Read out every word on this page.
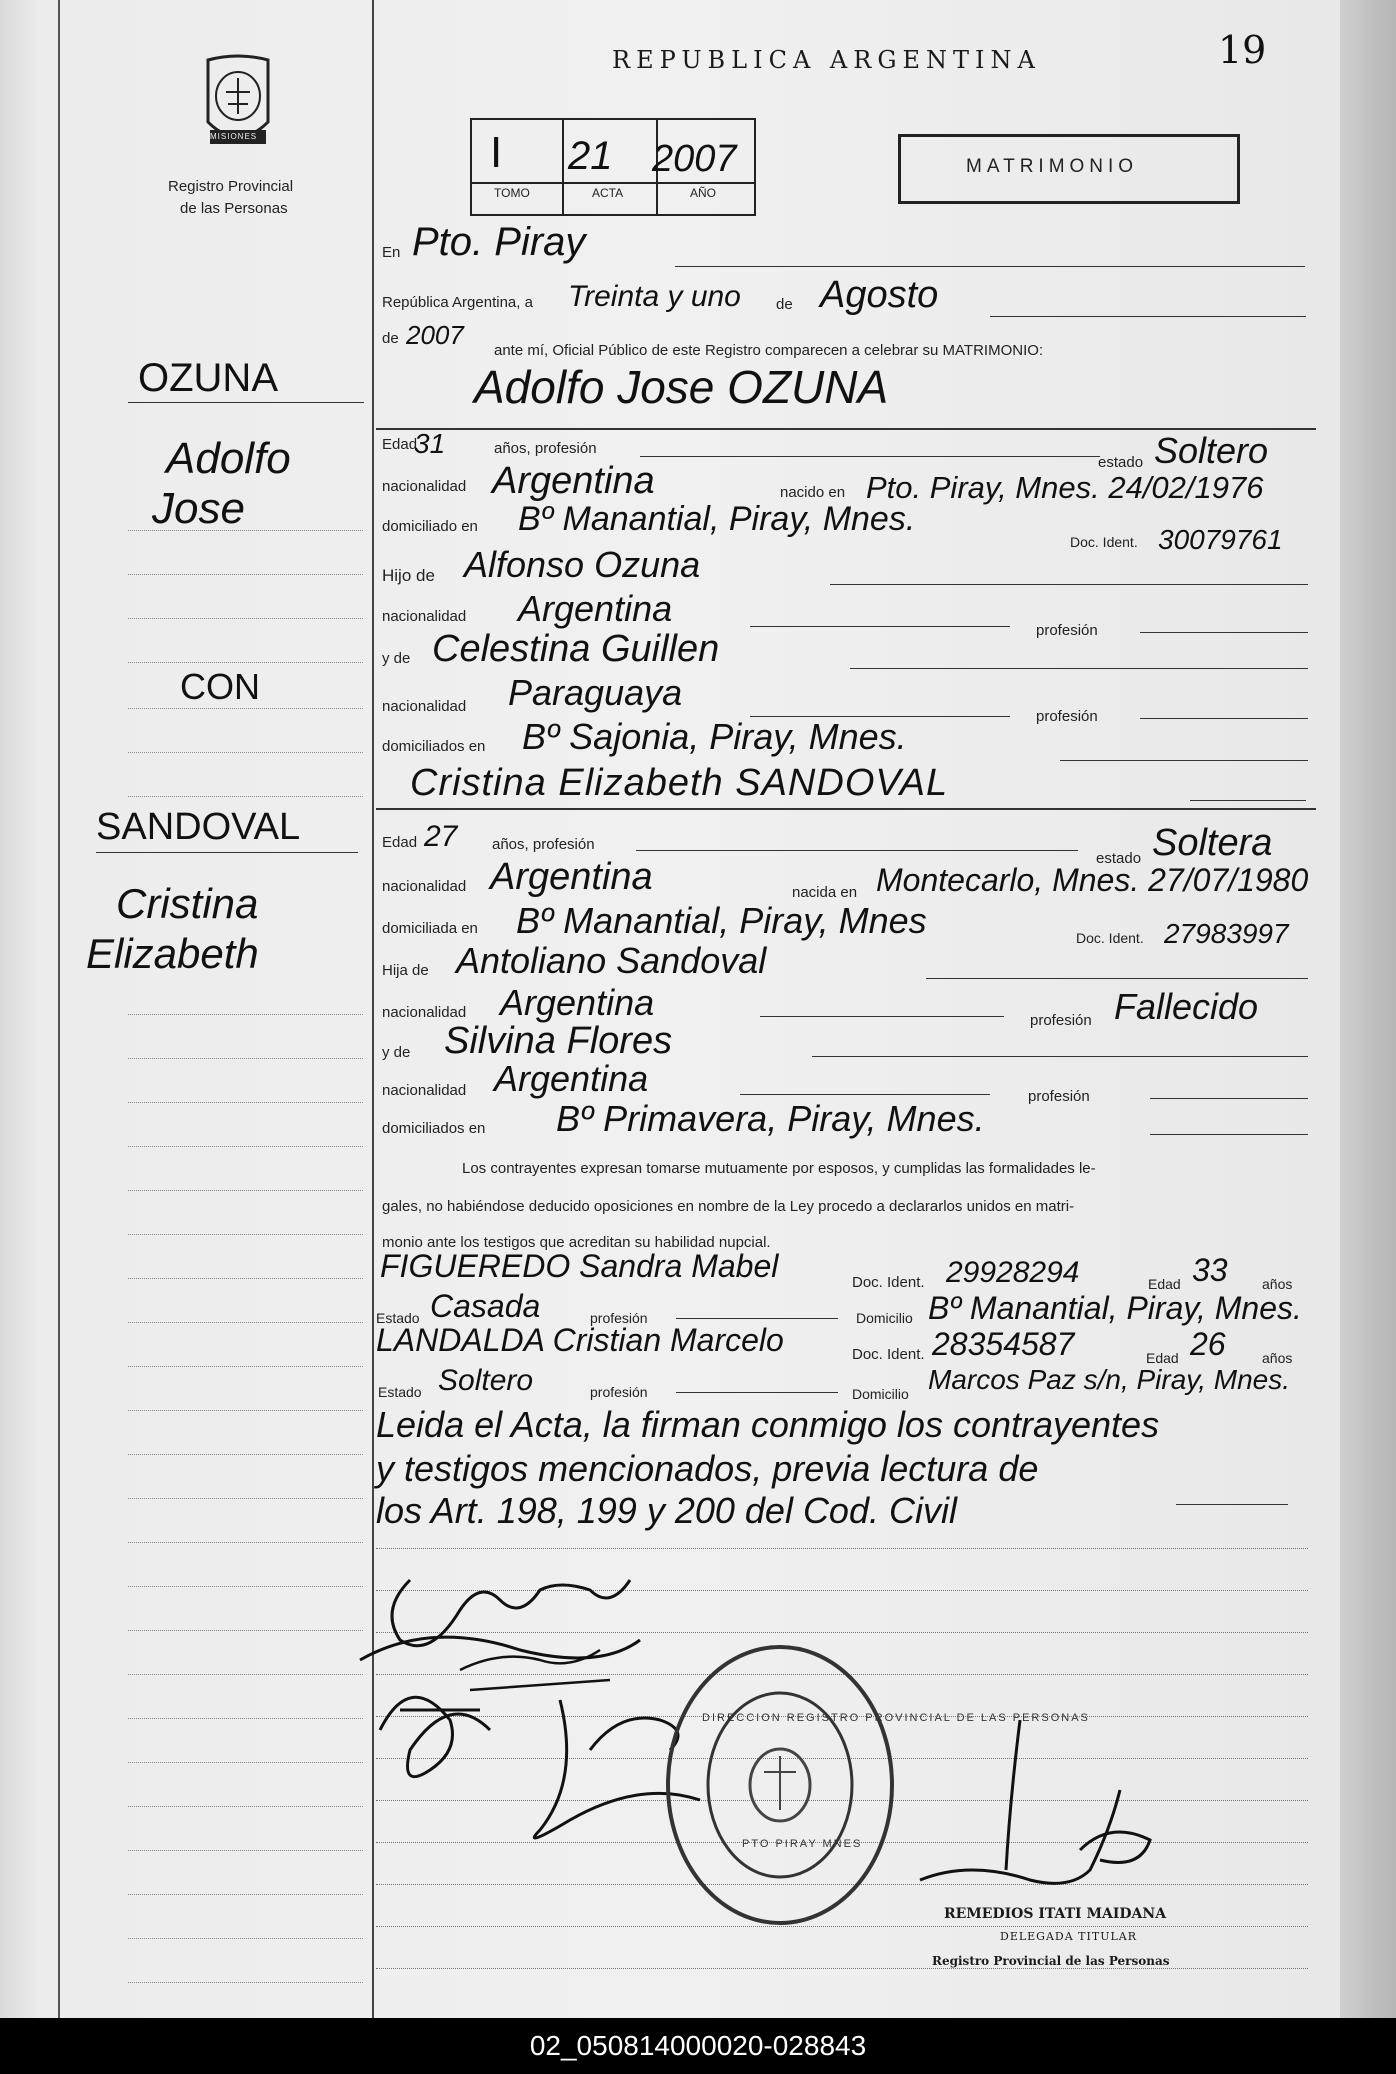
19
MISIONES
Registro Provincial
de las Personas
REPUBLICA ARGENTINA
I 21 2007
TOMO	ACTA	AÑO
MATRIMONIO
En Pto. Piray
República Argentina, a Treinta y uno de Agosto
de 2007
ante mí, Oficial Público de este Registro comparecen a celebrar su MATRIMONIO:
OZUNA
Adolfo
Jose
CON
SANDOVAL
Cristina
Elizabeth
Adolfo Jose OZUNA
Edad
31	años, profesión
estado Soltero
nacionalidad Argentina	nacido en Pto. Piray, Mnes. 24/02/1976
domiciliado en Bº Manantial, Piray, Mnes.
Doc. Ident. 30079761
Hijo de Alfonso Ozuna
nacionalidad Argentina
profesión
y de Celestina Guillen
nacionalidad Paraguaya
profesión
domiciliados en Bº Sajonia, Piray, Mnes.
Cristina Elizabeth SANDOVAL
Edad 27 años, profesión
estado Soltera
nacionalidad Argentina	nacida en Montecarlo, Mnes. 27/07/1980
domiciliada en Bº Manantial, Piray, Mnes	Doc. Ident. 27983997
Hija de Antoliano Sandoval
nacionalidad Argentina	profesión Fallecido
y de Silvina Flores
nacionalidad Argentina	profesión
domiciliados en Bº Primavera, Piray, Mnes.
Los contrayentes expresan tomarse mutuamente por esposos, y cumplidas las formalidades le-
gales, no habiéndose deducido oposiciones en nombre de la Ley procedo a declararlos unidos en matri-
monio ante los testigos que acreditan su habilidad nupcial.
FIGUEREDO Sandra Mabel	Doc. Ident. 29928294	Edad 33 años
Estado Casada	profesión	Domicilio Bº Manantial, Piray, Mnes.
LANDALDA Cristian Marcelo	Doc. Ident. 28354587	Edad 26	años
Estado Soltero	profesión	Domicilio Marcos Paz s/n, Piray, Mnes.
Leida el Acta, la firman conmigo los contrayentes
y testigos mencionados, previa lectura de
los Art. 198, 199 y 200 del Cod. Civil
DIRECCION REGISTRO PROVINCIAL DE LAS PERSONAS
PTO PIRAY MNES
REMEDIOS ITATI MAIDANA
DELEGADA TITULAR
Registro Provincial de las Personas
02_050814000020-028843
